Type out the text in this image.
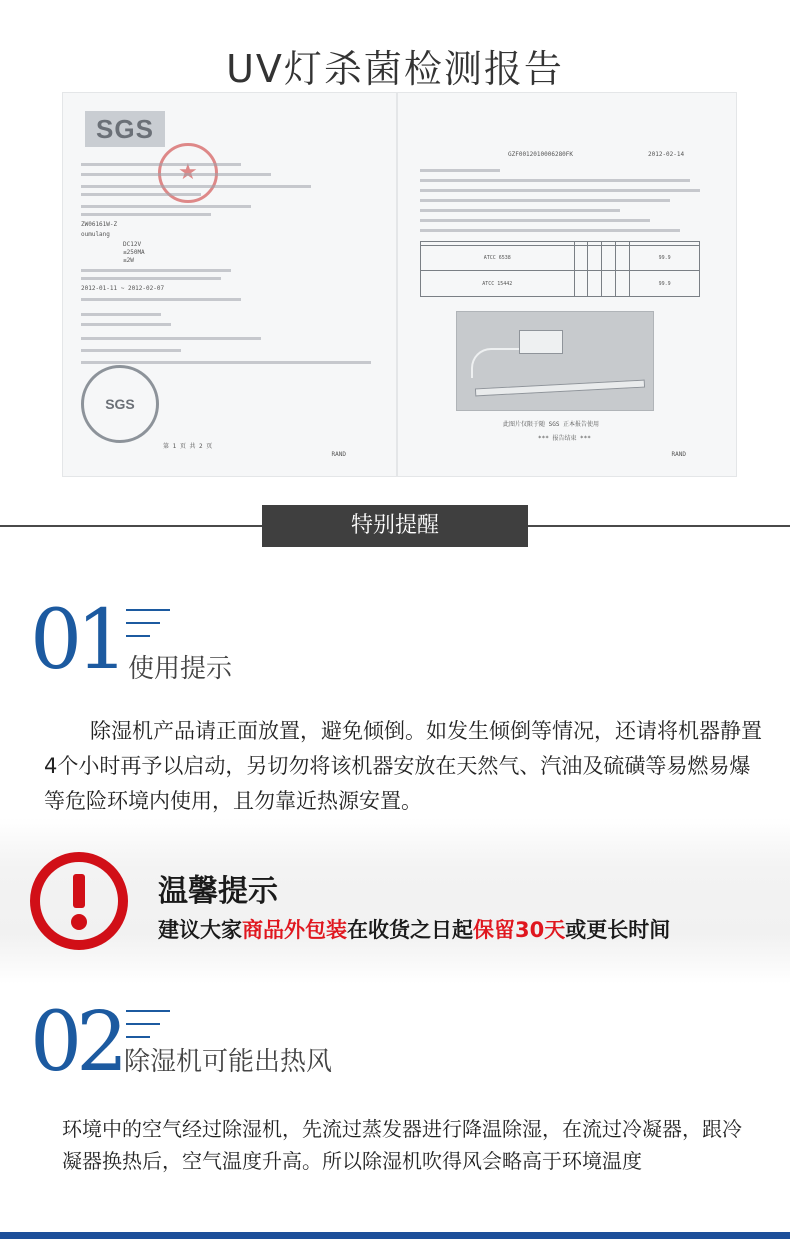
UV灯杀菌检测报告
SGS
★
ZW06161W-Z
oumulang
DC12V
≤250MA
≤2W
2012-01-11 ~ 2012-02-07
SGS
第 1 页 共 2 页
RAND
GZF0012010006280FK	2012-02-14

ATCC 6538					99.9
ATCC 15442					99.9
此图片仅限于随 SGS 正本报告使用
*** 报告结束 ***
RAND
特别提醒
01 使用提示

除湿机产品请正面放置，避免倾倒。如发生倾倒等情况，还请将机器静置4个小时再予以启动，另切勿将该机器安放在天然气、汽油及硫磺等易燃易爆等危险环境内使用，且勿靠近热源安置。

温馨提示
建议大家商品外包装在收货之日起保留30天或更长时间
02 除湿机可能出热风

环境中的空气经过除湿机，先流过蒸发器进行降温除湿，在流过冷凝器，跟冷凝器换热后，空气温度升高。所以除湿机吹得风会略高于环境温度
